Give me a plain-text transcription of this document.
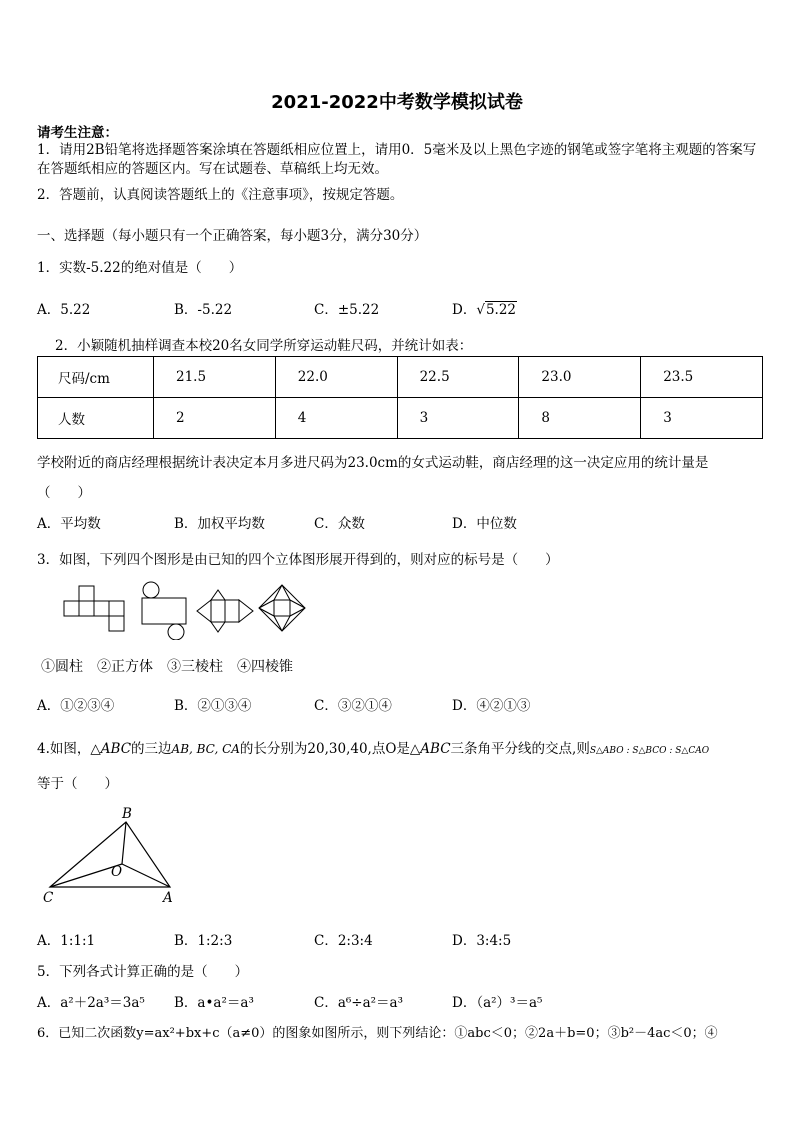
2021-2022中考数学模拟试卷
请考生注意：
1．请用2B铅笔将选择题答案涂填在答题纸相应位置上，请用0．5毫米及以上黑色字迹的钢笔或签字笔将主观题的答案写在答题纸相应的答题区内。写在试题卷、草稿纸上均无效。
2．答题前，认真阅读答题纸上的《注意事项》，按规定答题。
一、选择题（每小题只有一个正确答案，每小题3分，满分30分）
1．实数-5.22的绝对值是（　　）
A．5.22	B．-5.22	C．±5.22	D．√5.22
2．小颖随机抽样调查本校20名女同学所穿运动鞋尺码，并统计如表：
尺码/cm	21.5	22.0	22.5	23.0	23.5
人数	2	4	3	8	3
学校附近的商店经理根据统计表决定本月多进尺码为23.0cm的女式运动鞋，商店经理的这一决定应用的统计量是
（　　）
A．平均数	B．加权平均数	C．众数	D．中位数
3．如图，下列四个图形是由已知的四个立体图形展开得到的，则对应的标号是（　　）
①圆柱　②正方体　③三棱柱　④四棱锥
A．①②③④	B．②①③④	C．③②①④	D．④②①③
4.如图，△ABC的三边AB, BC, CA的长分别为20,30,40,点O是△ABC三条角平分线的交点,则S△ABO : S△BCO : S△CAO
等于（　　）
B
O
C	A
A．1:1:1	B．1:2:3	C．2:3:4	D．3:4:5
5．下列各式计算正确的是（　　）
A．a²＋2a³＝3a⁵ B．a•a²＝a³	C．a⁶÷a²＝a³	D．（a²）³＝a⁵
6．已知二次函数y=ax²+bx+c（a≠0）的图象如图所示，则下列结论：①abc＜0；②2a＋b=0；③b²－4ac＜0；④
